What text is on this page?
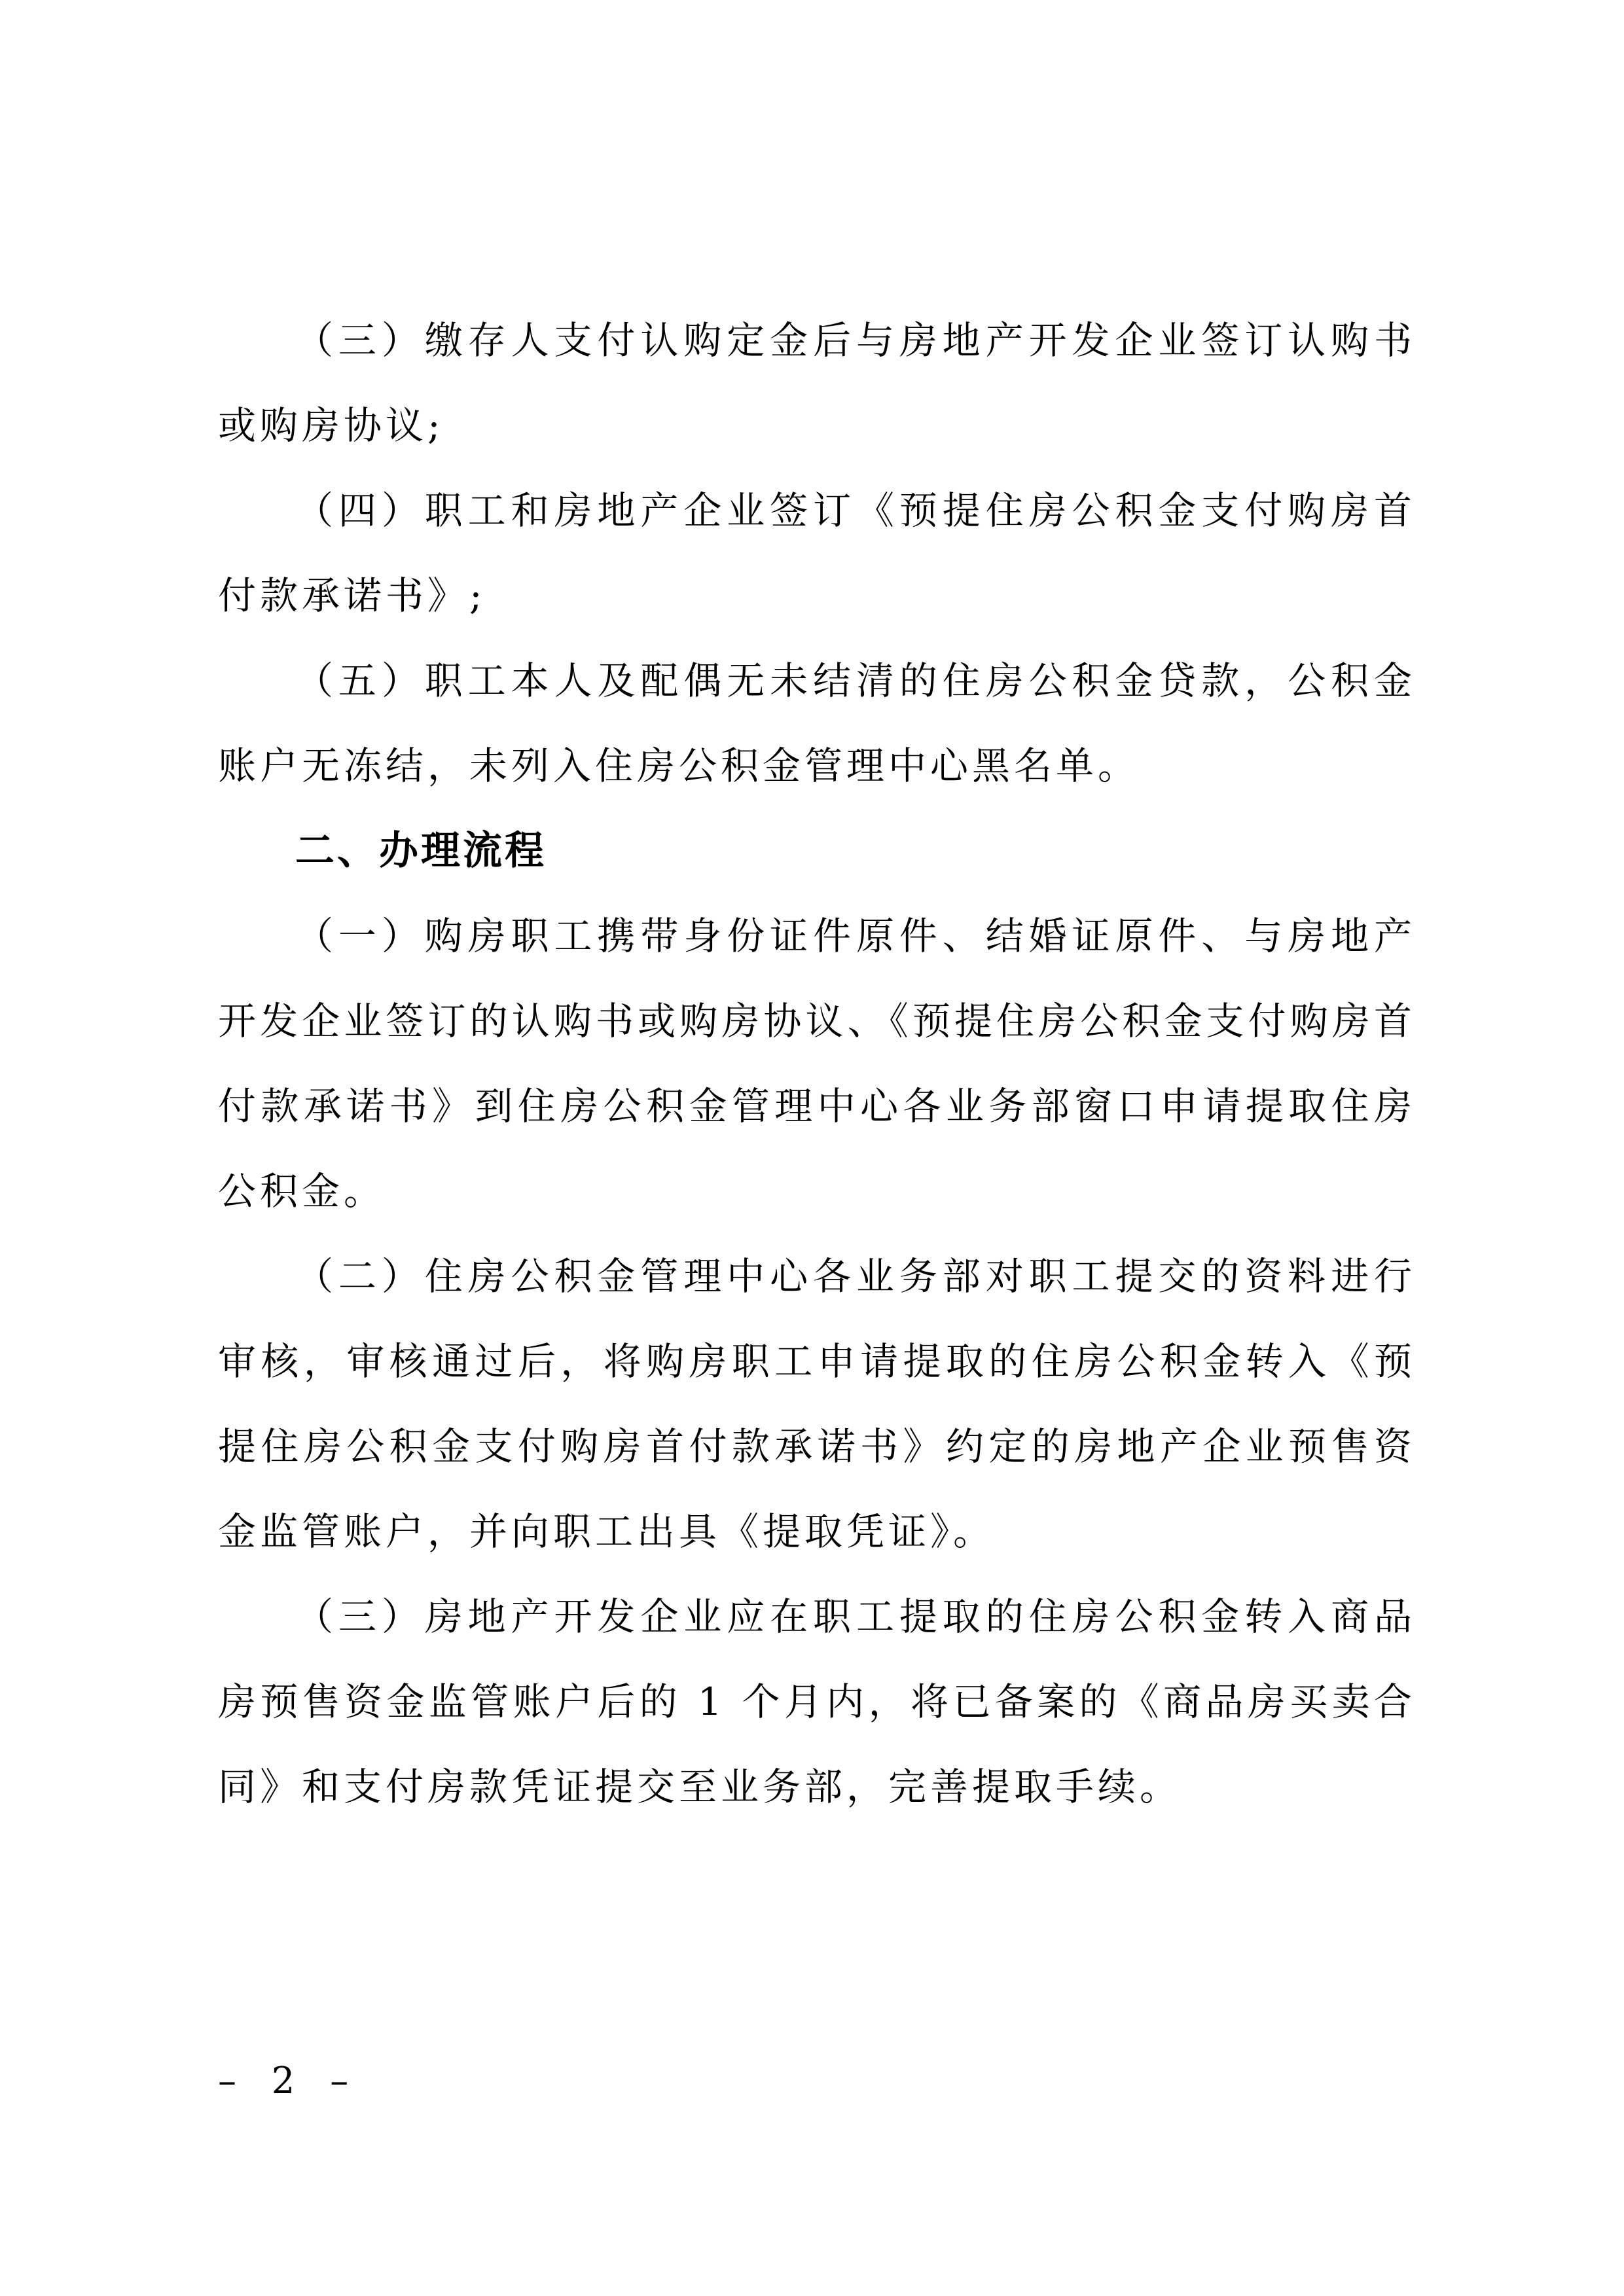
（三）缴存人支付认购定金后与房地产开发企业签订认购书或购房协议;

（四）职工和房地产企业签订《预提住房公积金支付购房首付款承诺书》;

（五）职工本人及配偶无未结清的住房公积金贷款，公积金账户无冻结，未列入住房公积金管理中心黑名单。

二、办理流程

（一）购房职工携带身份证件原件、结婚证原件、与房地产开发企业签订的认购书或购房协议、《预提住房公积金支付购房首付款承诺书》到住房公积金管理中心各业务部窗口申请提取住房公积金。

（二）住房公积金管理中心各业务部对职工提交的资料进行审核，审核通过后，将购房职工申请提取的住房公积金转入《预提住房公积金支付购房首付款承诺书》约定的房地产企业预售资金监管账户，并向职工出具《提取凭证》。

（三）房地产开发企业应在职工提取的住房公积金转入商品房预售资金监管账户后的 1 个月内，将已备案的《商品房买卖合同》和支付房款凭证提交至业务部，完善提取手续。

– 2 –
